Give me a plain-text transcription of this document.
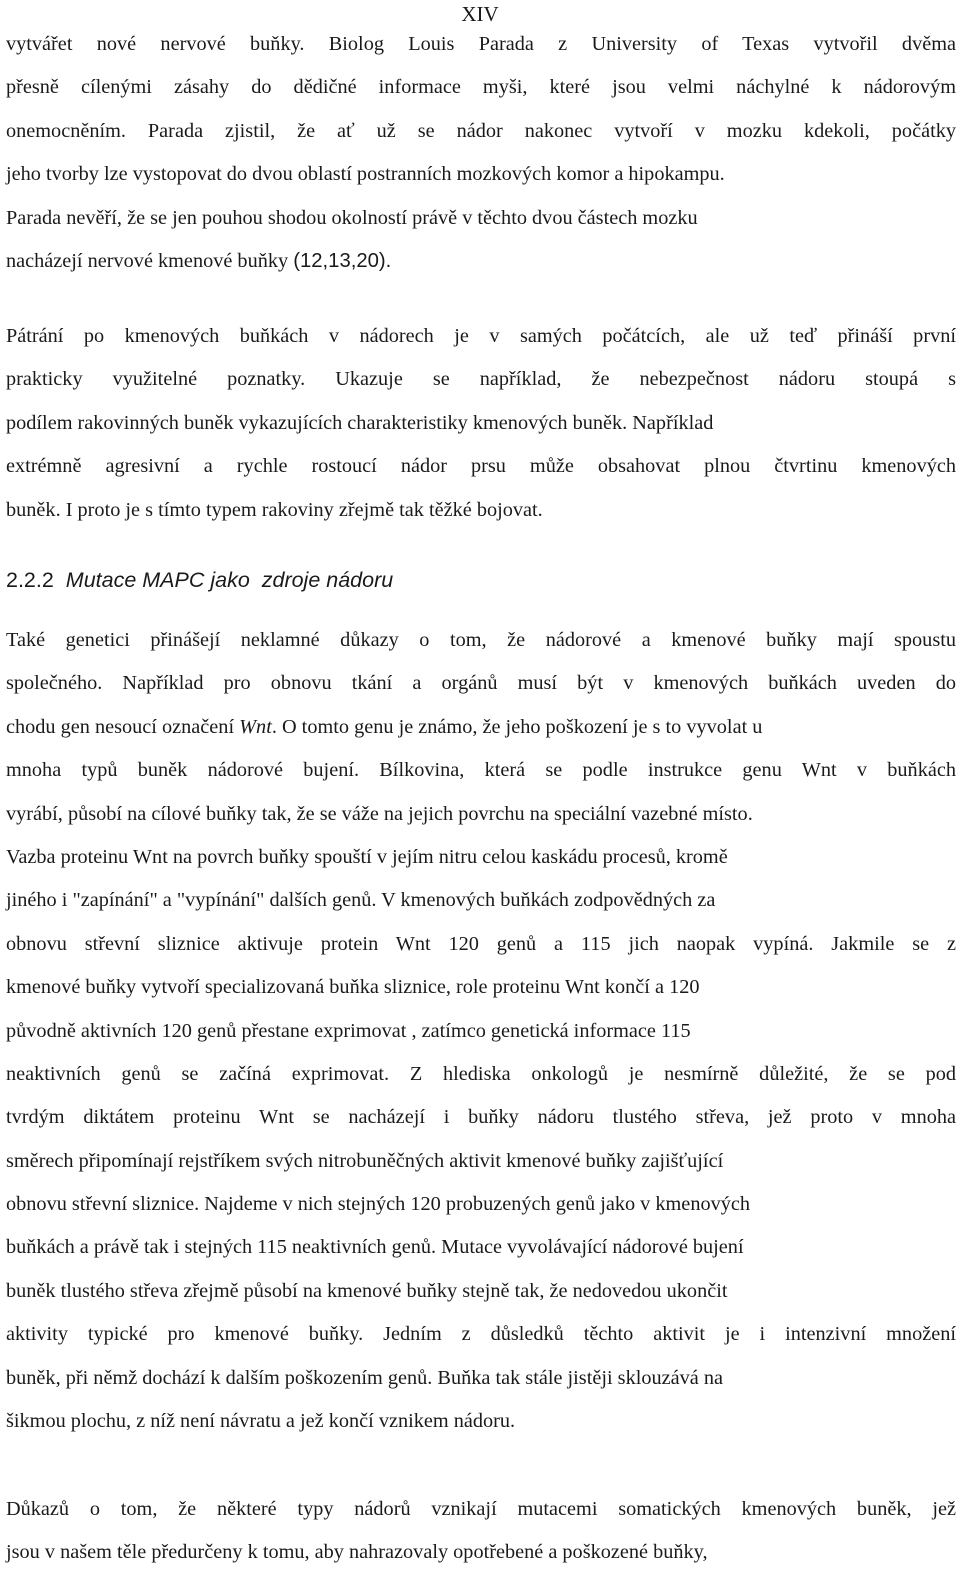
XIV
vytvářet nové nervové buňky. Biolog Louis Parada z University of Texas vytvořil dvěma
přesně cílenými zásahy do dědičné informace myši, které jsou velmi náchylné k nádorovým
onemocněním. Parada zjistil, že ať už se nádor nakonec vytvoří v mozku kdekoli, počátky
jeho tvorby lze vystopovat do dvou oblastí postranních mozkových komor a hipokampu.
Parada nevěří, že se jen pouhou shodou okolností právě v těchto dvou částech mozku
nacházejí nervové kmenové buňky (12,13,20).
Pátrání po kmenových buňkách v nádorech je v samých počátcích, ale už teď přináší první
prakticky využitelné poznatky. Ukazuje se například, že nebezpečnost nádoru stoupá s
podílem rakovinných buněk vykazujících charakteristiky kmenových buněk. Například
extrémně agresivní a rychle rostoucí nádor prsu může obsahovat plnou čtvrtinu kmenových
buněk. I proto je s tímto typem rakoviny zřejmě tak těžké bojovat.
2.2.2 Mutace MAPC jako  zdroje nádoru
Také genetici přinášejí neklamné důkazy o tom, že nádorové a kmenové buňky mají spoustu
společného. Například pro obnovu tkání a orgánů musí být v kmenových buňkách uveden do
chodu gen nesoucí označení Wnt. O tomto genu je známo, že jeho poškození je s to vyvolat u
mnoha typů buněk nádorové bujení. Bílkovina, která se podle instrukce genu Wnt v buňkách
vyrábí, působí na cílové buňky tak, že se váže na jejich povrchu na speciální vazebné místo.
Vazba proteinu Wnt na povrch buňky spouští v jejím nitru celou kaskádu procesů, kromě
jiného i "zapínání" a "vypínání" dalších genů. V kmenových buňkách zodpovědných za
obnovu střevní sliznice aktivuje protein Wnt 120 genů a 115 jich naopak vypíná. Jakmile se z
kmenové buňky vytvoří specializovaná buňka sliznice, role proteinu Wnt končí a 120
původně aktivních 120 genů přestane exprimovat , zatímco genetická informace 115
neaktivních genů se začíná exprimovat. Z hlediska onkologů je nesmírně důležité, že se pod
tvrdým diktátem proteinu Wnt se nacházejí i buňky nádoru tlustého střeva, jež proto v mnoha
směrech připomínají rejstříkem svých nitrobuněčných aktivit kmenové buňky zajišťující
obnovu střevní sliznice. Najdeme v nich stejných 120 probuzených genů jako v kmenových
buňkách a právě tak i stejných 115 neaktivních genů. Mutace vyvolávající nádorové bujení
buněk tlustého střeva zřejmě působí na kmenové buňky stejně tak, že nedovedou ukončit
aktivity typické pro kmenové buňky. Jedním z důsledků těchto aktivit je i intenzivní množení
buněk, při němž dochází k dalším poškozením genů. Buňka tak stále jistěji sklouzává na
šikmou plochu, z níž není návratu a jež končí vznikem nádoru.
Důkazů o tom, že některé typy nádorů vznikají mutacemi somatických kmenových buněk, jež
jsou v našem těle předurčeny k tomu, aby nahrazovaly opotřebené a poškozené buňky,
